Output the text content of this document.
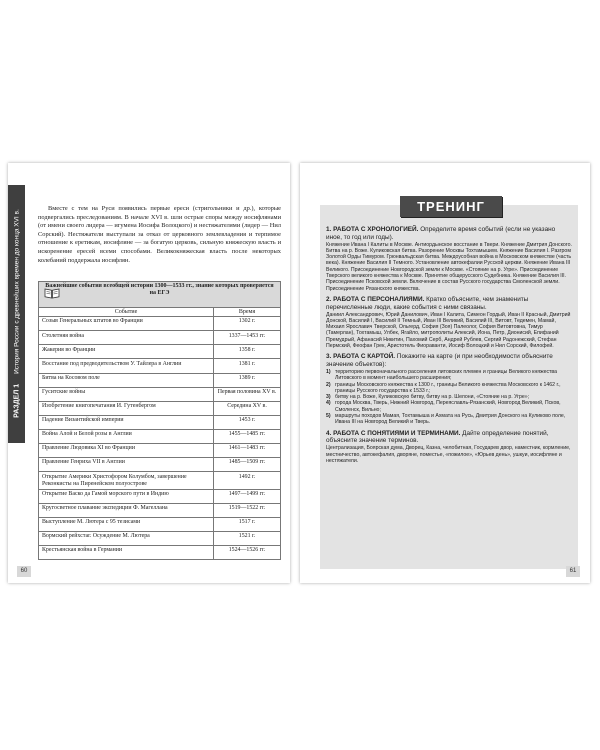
РАЗДЕЛ 1История России с древнейших времен до конца XVI в.

Вместе с тем на Руси появились первые ереси (стригольники и др.), которые подвергались преследованиям. В начале XVI в. шли острые споры между иосифлянами (от имени своего лидера — игумена Иосифа Волоцкого) и нестяжателями (лидер — Нил Сорский). Нестяжатели выступали за отказ от церковного землевладения и терпимое отношение к еретикам, иосифляне — за богатую церковь, сильную княжескую власть и искоренение ересей всеми способами. Великокняжеская власть после некоторых колебаний поддержала иосифлян.

Важнейшие события всеобщей истории 1300—1533 гг., знание которых проверяется на ЕГЭ	
Событие	Время
Созыв Генеральных штатов во Франции	1302 г.
Столетняя война	1337—1453 гг.
Жакерия во Франции	1358 г.
Восстание под предводительством У. Тайлера в Англии	1381 г.
Битва на Косовом поле	1389 г.
Гуситские войны	Первая половина XV в.
Изобретение книгопечатания И. Гутенбергом	Середина XV в.
Падение Византийской империи	1453 г.
Война Алой и Белой розы в Англии	1455—1485 гг.
Правление Людовика XI во Франции	1461—1483 гг.
Правление Генриха VII в Англии	1485—1509 гг.
Открытие Америки Христофором Колумбом, завершение Реконкисты на Пиренейском полуострове	1492 г.
Открытие Васко да Гамой морского пути в Индию	1497—1499 гг.
Кругосветное плавание экспедиции Ф. Магеллана	1519—1522 гг.
Выступление М. Лютера с 95 тезисами	1517 г.
Вормский рейхстаг. Осуждение М. Лютера	1521 г.
Крестьянская война в Германии	1524—1526 гг.
60
ТРЕНИНГ
1. РАБОТА С ХРОНОЛОГИЕЙ. Определите время событий (если не указано иное, то год или годы).
Княжение Ивана I Калиты в Москве. Антиордынское восстание в Твери. Княжение Дмитрия Донского. Битва на р. Воже. Куликовская битва. Разорение Москвы Тохтамышем. Княжение Василия I. Разгром Золотой Орды Тимуром. Грюнвальдская битва. Междоусобная война в Московском княжестве (часть века). Княжение Василия II Темного. Установление автокефалии Русской церкви. Княжение Ивана III Великого. Присоединение Новгородской земли к Москве. «Стояние на р. Угре». Присоединение Тверского великого княжества к Москве. Принятие общерусского Судебника. Княжение Василия III. Присоединение Псковской земли. Включение в состав Русского государства Смоленской земли. Присоединение Рязанского княжества.
2. РАБОТА С ПЕРСОНАЛИЯМИ. Кратко объясните, чем знамениты перечисленные люди, какие события с ними связаны.
Даниил Александрович, Юрий Данилович, Иван I Калита, Симеон Гордый, Иван II Красный, Дмитрий Донской, Василий I, Василий II Темный, Иван III Великий, Василий III, Витовт, Тедемен, Мамай, Михаил Ярославич Тверской, Ольгерд, София (Зоя) Палеолог, София Витовтовна, Тимур (Тамерлан), Тохтамыш, Улбек, Ягайло, митрополиты Алексий, Иона, Петр, Дионисий, Епифаний Премудрый, Афанасий Никитин, Пахомий Серб, Андрей Рублев, Сергий Радонежский, Стефан Пермский, Феофан Грек, Аристотель Фиораванти, Иосиф Волоцкий и Нил Сорский, Филофей.
3. РАБОТА С КАРТОЙ. Покажите на карте (и при необходимости объясните значение объектов):
1) территорию первоначального расселения литовских племен и границы Великого княжества Литовского в момент наибольшего расширения;
2) границы Московского княжества к 1300 г., границы Великого княжества Московского к 1462 г., границы Русского государства к 1533 г.;
3) битву на р. Воже, Куликовскую битву, битву на р. Шелони, «Стояние на р. Угре»;
4) города Москва, Тверь, Нижний Новгород, Переяславль-Рязанский, Новгород Великий, Псков, Смоленск, Вильно;
5) маршруты походов Мамая, Тохтамыша и Ахмата на Русь, Дмитрия Донского на Куликово поле, Ивана III на Новгород Великий и Тверь.
4. РАБОТА С ПОНЯТИЯМИ И ТЕРМИНАМИ. Дайте определение понятий, объясните значение терминов.
Централизация, Боярская дума, Дворец, Казна, челобитная, Государев двор, наместник, кормление, местничество, автокефалия, дворяне, поместье, «пожилое», «Юрьев день», ушкуи, иосифляне и нестяжатели.
61
